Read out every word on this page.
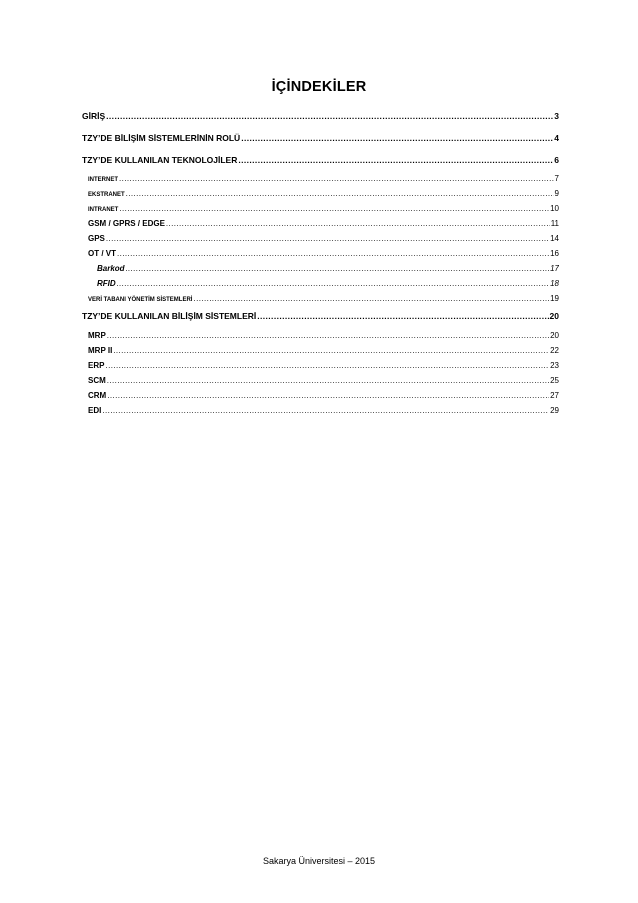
İÇİNDEKİLER
GİRİŞ .....	3
TZY’DE BİLİŞİM SİSTEMLERİNİN ROLÜ .....	4
TZY’DE KULLANILAN TEKNOLOJİLER .....	6
INTERNET .....	7
EKSTRANET .....	9
INTRANET .....	10
GSM / GPRS / EDGE .....	11
GPS .....	14
OT / VT .....	16
Barkod .....	17
RFID .....	18
VERİ TABANI YÖNETİM SİSTEMLERİ .....	19
TZY’DE KULLANILAN BİLİŞİM SİSTEMLERİ .....	20
MRP .....	20
MRP II .....	22
ERP .....	23
SCM .....	25
CRM .....	27
EDI .....	29
Sakarya Üniversitesi – 2015
